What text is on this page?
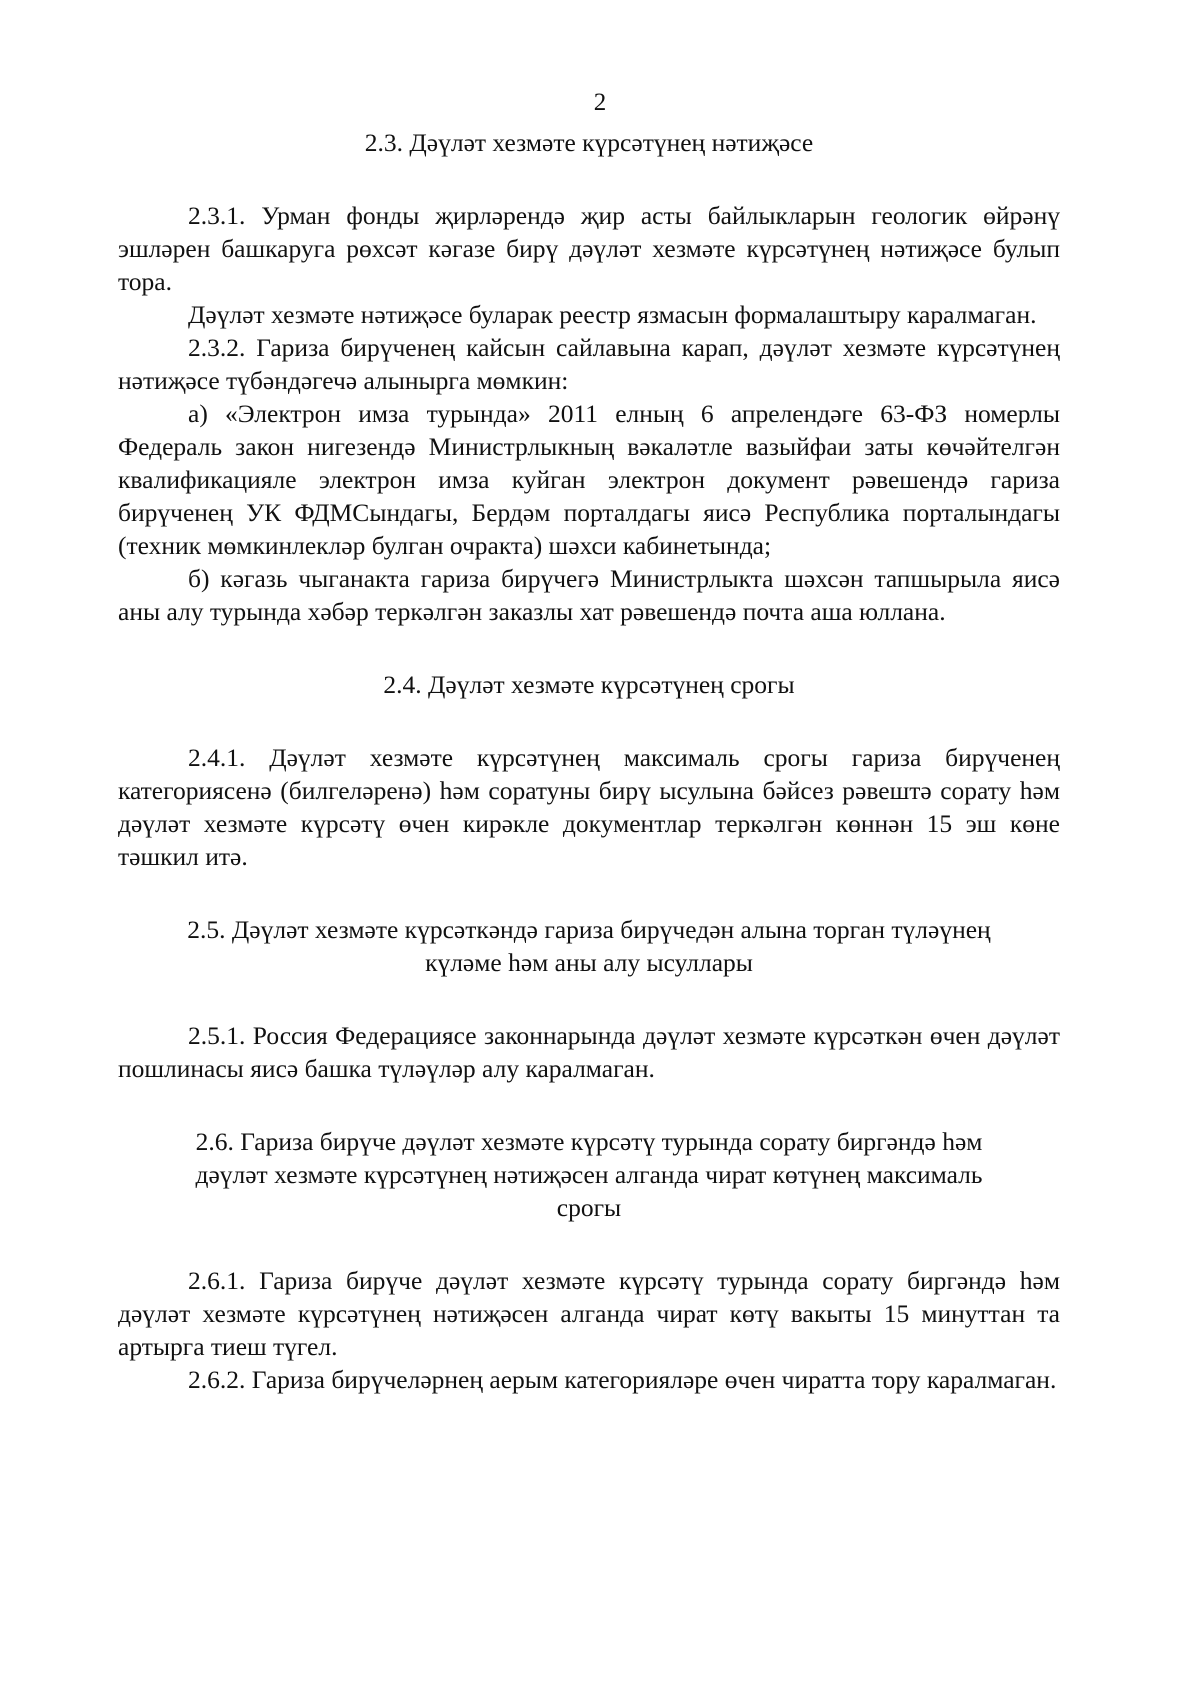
2
2.3. Дәүләт хезмәте күрсәтүнең нәтиҗәсе

2.3.1. Урман фонды җирләрендә җир асты байлыкларын геологик өйрәнү эшләрен башкаруга рөхсәт кәгазе бирү дәүләт хезмәте күрсәтүнең нәтиҗәсе булып тора.

Дәүләт хезмәте нәтиҗәсе буларак реестр язмасын формалаштыру каралмаган.

2.3.2. Гариза бирүченең кайсын сайлавына карап, дәүләт хезмәте күрсәтүнең нәтиҗәсе түбәндәгечә алынырга мөмкин:

а) «Электрон имза турында» 2011 елның 6 апрелендәге 63-ФЗ номерлы Федераль закон нигезендә Министрлыкның вәкаләтле вазыйфаи заты көчәйтелгән квалификацияле электрон имза куйган электрон документ рәвешендә гариза бирүченең УК ФДМСындагы, Бердәм порталдагы яисә Республика порталындагы (техник мөмкинлекләр булган очракта) шәхси кабинетында;

б) кәгазь чыганакта гариза бирүчегә Министрлыкта шәхсән тапшырыла яисә аны алу турында хәбәр теркәлгән заказлы хат рәвешендә почта аша юллана.

2.4. Дәүләт хезмәте күрсәтүнең срогы

2.4.1. Дәүләт хезмәте күрсәтүнең максималь срогы гариза бирүченең категориясенә (билгеләренә) һәм соратуны бирү ысулына бәйсез рәвештә сорату һәм дәүләт хезмәте күрсәтү өчен кирәкле документлар теркәлгән көннән 15 эш көне тәшкил итә.

2.5. Дәүләт хезмәте күрсәткәндә гариза бирүчедән алына торган түләүнең
күләме һәм аны алу ысуллары

2.5.1. Россия Федерациясе законнарында дәүләт хезмәте күрсәткән өчен дәүләт пошлинасы яисә башка түләүләр алу каралмаган.

2.6. Гариза бирүче дәүләт хезмәте күрсәтү турында сорату биргәндә һәм
дәүләт хезмәте күрсәтүнең нәтиҗәсен алганда чират көтүнең максималь
срогы

2.6.1. Гариза бирүче дәүләт хезмәте күрсәтү турында сорату биргәндә һәм дәүләт хезмәте күрсәтүнең нәтиҗәсен алганда чират көтү вакыты 15 минуттан та артырга тиеш түгел.

2.6.2. Гариза бирүчеләрнең аерым категорияләре өчен чиратта тору каралмаган.
